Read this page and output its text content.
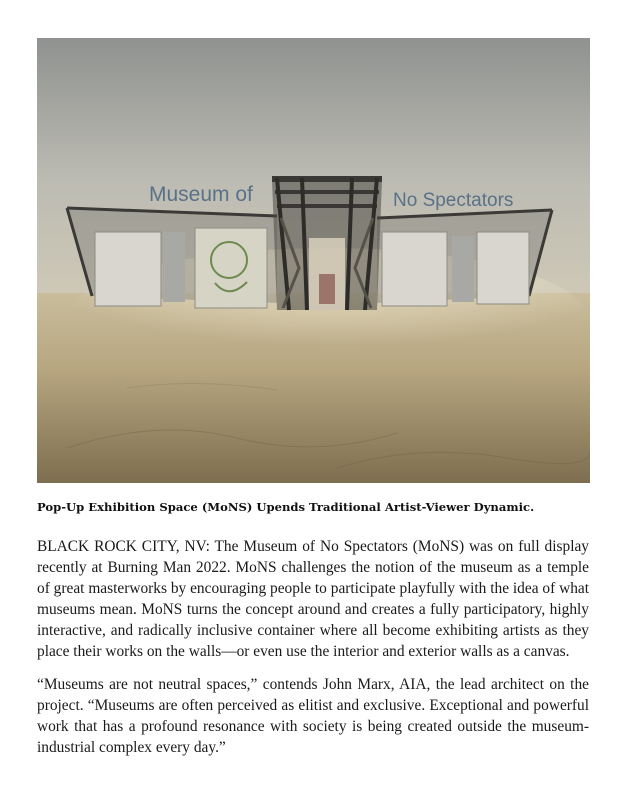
Museum of	No Spectators
Pop-Up Exhibition Space (MoNS) Upends Traditional Artist-Viewer Dynamic.

BLACK ROCK CITY, NV: The Museum of No Spectators (MoNS) was on full display recently at Burning Man 2022. MoNS challenges the notion of the museum as a temple of great masterworks by encouraging people to participate playfully with the idea of what museums mean. MoNS turns the concept around and creates a fully participatory, highly interactive, and radically inclusive container where all become exhibiting artists as they place their works on the walls—or even use the interior and exterior walls as a canvas.

“Museums are not neutral spaces,” contends John Marx, AIA, the lead architect on the project. “Museums are often perceived as elitist and exclusive. Exceptional and powerful work that has a profound resonance with society is being created outside the museum-industrial complex every day.”
